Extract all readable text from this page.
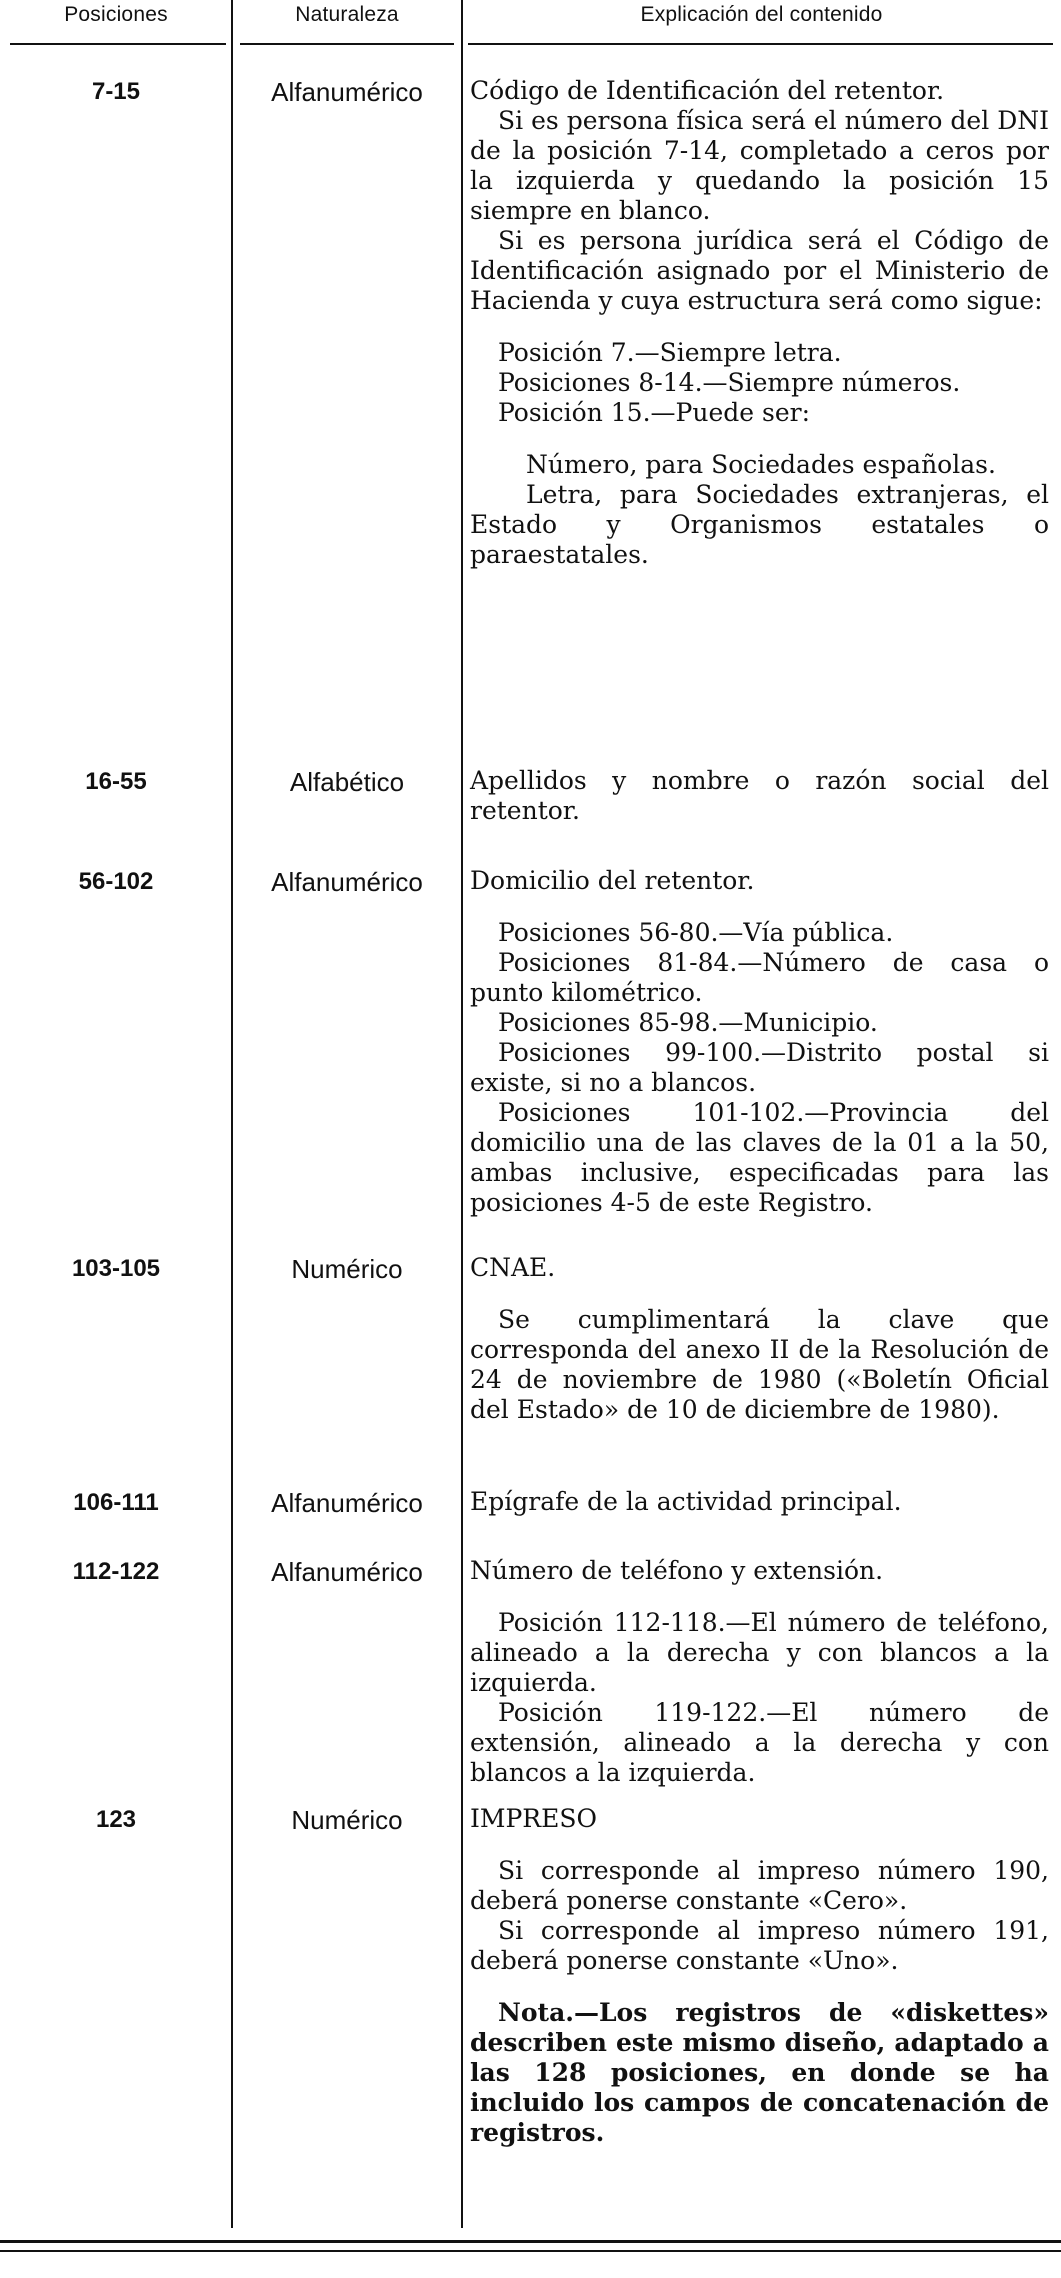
Posiciones	Naturaleza	Explicación del contenido
7-15	Alfanumérico	Código de Identificación del retentor.

Si es persona física será el número del DNI de la posición 7-14, completado a ceros por la izquierda y quedando la posición 15 siempre en blanco.

Si es persona jurídica será el Código de Identificación asignado por el Ministerio de Hacienda y cuya estructura será como sigue:

Posición 7.—Siempre letra.

Posiciones 8-14.—Siempre números.

Posición 15.—Puede ser:

Número, para Sociedades españolas.

Letra, para Sociedades extranjeras, el Estado y Organismos estatales o paraestatales.

16-55	Alfabético	Apellidos y nombre o razón social del retentor.

56-102	Alfanumérico	Domicilio del retentor.

Posiciones 56-80.—Vía pública.

Posiciones 81-84.—Número de casa o punto kilométrico.

Posiciones 85-98.—Municipio.

Posiciones 99-100.—Distrito postal si existe, si no a blancos.

Posiciones 101-102.—Provincia del domicilio una de las claves de la 01 a la 50, ambas inclusive, especificadas para las posiciones 4-5 de este Registro.

103-105	Numérico	CNAE.

Se cumplimentará la clave que corresponda del anexo II de la Resolución de 24 de noviembre de 1980 («Boletín Oficial del Estado» de 10 de diciembre de 1980).

106-111	Alfanumérico	Epígrafe de la actividad principal.

112-122	Alfanumérico	Número de teléfono y extensión.

Posición 112-118.—El número de teléfono, alineado a la derecha y con blancos a la izquierda.

Posición 119-122.—El número de extensión, alineado a la derecha y con blancos a la izquierda.

123	Numérico	IMPRESO

Si corresponde al impreso número 190, deberá ponerse constante «Cero».

Si corresponde al impreso número 191, deberá ponerse constante «Uno».

Nota.—Los registros de «diskettes» describen este mismo diseño, adaptado a las 128 posiciones, en donde se ha incluido los campos de concatenación de registros.
